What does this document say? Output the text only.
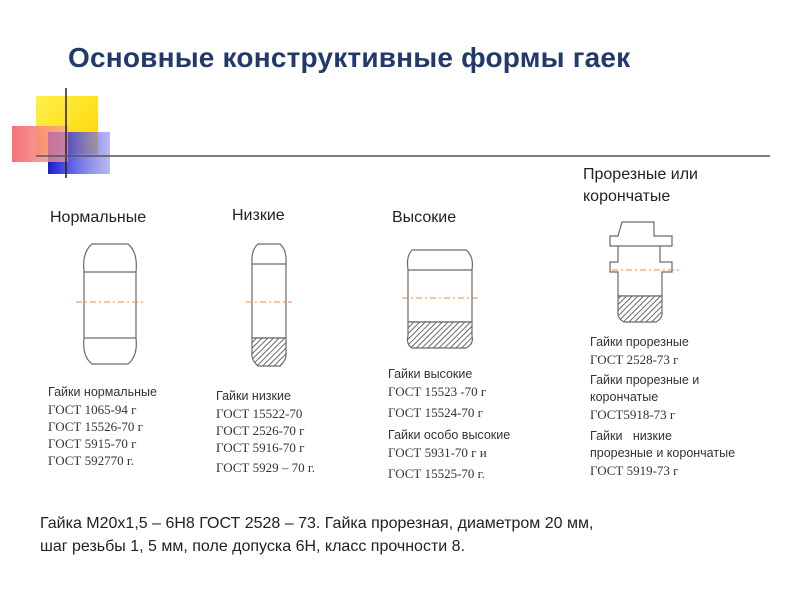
Основные конструктивные формы гаек
Нормальные	Низкие	Высокие
Прорезные или
корончатые
Гайки нормальные
ГОСТ 1065-94 г
ГОСТ 15526-70 г
ГОСТ 5915-70 г
ГОСТ 592770 г.
Гайки низкие
ГОСТ 15522-70
ГОСТ 2526-70 г
ГОСТ 5916-70 г
ГОСТ 5929 – 70 г.
Гайки высокие
ГОСТ 15523 -70 г
ГОСТ 15524-70 г
Гайки особо высокие
ГОСТ 5931-70 г и
ГОСТ 15525-70 г.
Гайки прорезные
ГОСТ 2528-73 г
Гайки прорезные и
корончатые
ГОСТ5918-73 г
Гайки   низкие
прорезные и корончатые
ГОСТ 5919-73 г
Гайка М20х1,5 – 6Н8 ГОСТ 2528 – 73. Гайка прорезная, диаметром 20 мм,
шаг резьбы 1, 5 мм, поле допуска 6Н, класс прочности 8.
